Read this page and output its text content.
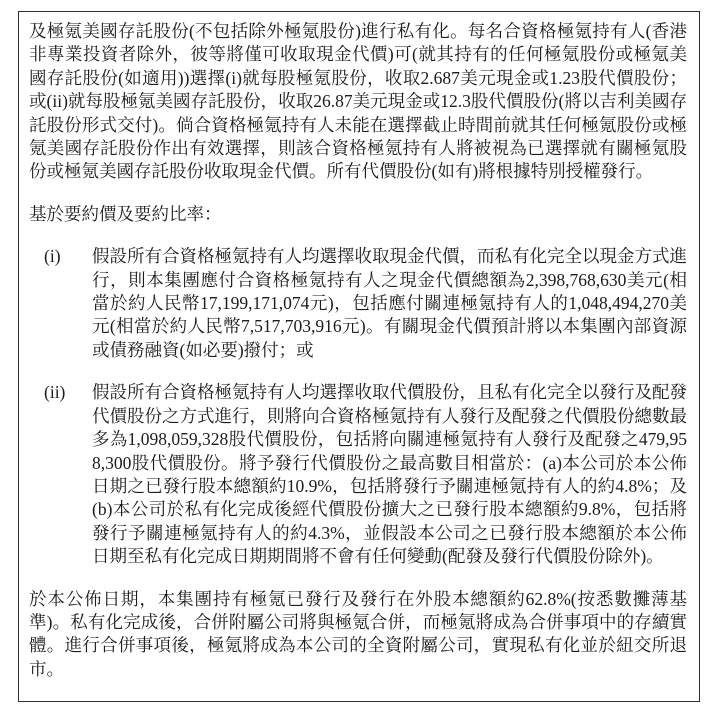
及極氪美國存託股份(不包括除外極氪股份)進行私有化。每名合資格極氪持有人(香港非專業投資者除外，彼等將僅可收取現金代價)可(就其持有的任何極氪股份或極氪美國存託股份(如適用))選擇(i)就每股極氪股份，收取2.687美元現金或1.23股代價股份；或(ii)就每股極氪美國存託股份，收取26.87美元現金或12.3股代價股份(將以吉利美國存託股份形式交付)。倘合資格極氪持有人未能在選擇截止時間前就其任何極氪股份或極氪美國存託股份作出有效選擇，則該合資格極氪持有人將被視為已選擇就有關極氪股份或極氪美國存託股份收取現金代價。所有代價股份(如有)將根據特別授權發行。

基於要約價及要約比率：

(i) 假設所有合資格極氪持有人均選擇收取現金代價，而私有化完全以現金方式進行，則本集團應付合資格極氪持有人之現金代價總額為2,398,768,630美元(相當於約人民幣17,199,171,074元)，包括應付關連極氪持有人的1,048,494,270美元(相當於約人民幣7,517,703,916元)。有關現金代價預計將以本集團內部資源或債務融資(如必要)撥付；或

(ii) 假設所有合資格極氪持有人均選擇收取代價股份，且私有化完全以發行及配發代價股份之方式進行，則將向合資格極氪持有人發行及配發之代價股份總數最多為1,098,059,328股代價股份，包括將向關連極氪持有人發行及配發之479,958,300股代價股份。將予發行代價股份之最高數目相當於：(a)本公司於本公佈日期之已發行股本總額約10.9%，包括將發行予關連極氪持有人的約4.8%；及(b)本公司於私有化完成後經代價股份擴大之已發行股本總額約9.8%，包括將發行予關連極氪持有人的約4.3%，並假設本公司之已發行股本總額於本公佈日期至私有化完成日期期間將不會有任何變動(配發及發行代價股份除外)。

於本公佈日期，本集團持有極氪已發行及發行在外股本總額約62.8%(按悉數攤薄基準)。私有化完成後，合併附屬公司將與極氪合併，而極氪將成為合併事項中的存續實體。進行合併事項後，極氪將成為本公司的全資附屬公司，實現私有化並於紐交所退市。
